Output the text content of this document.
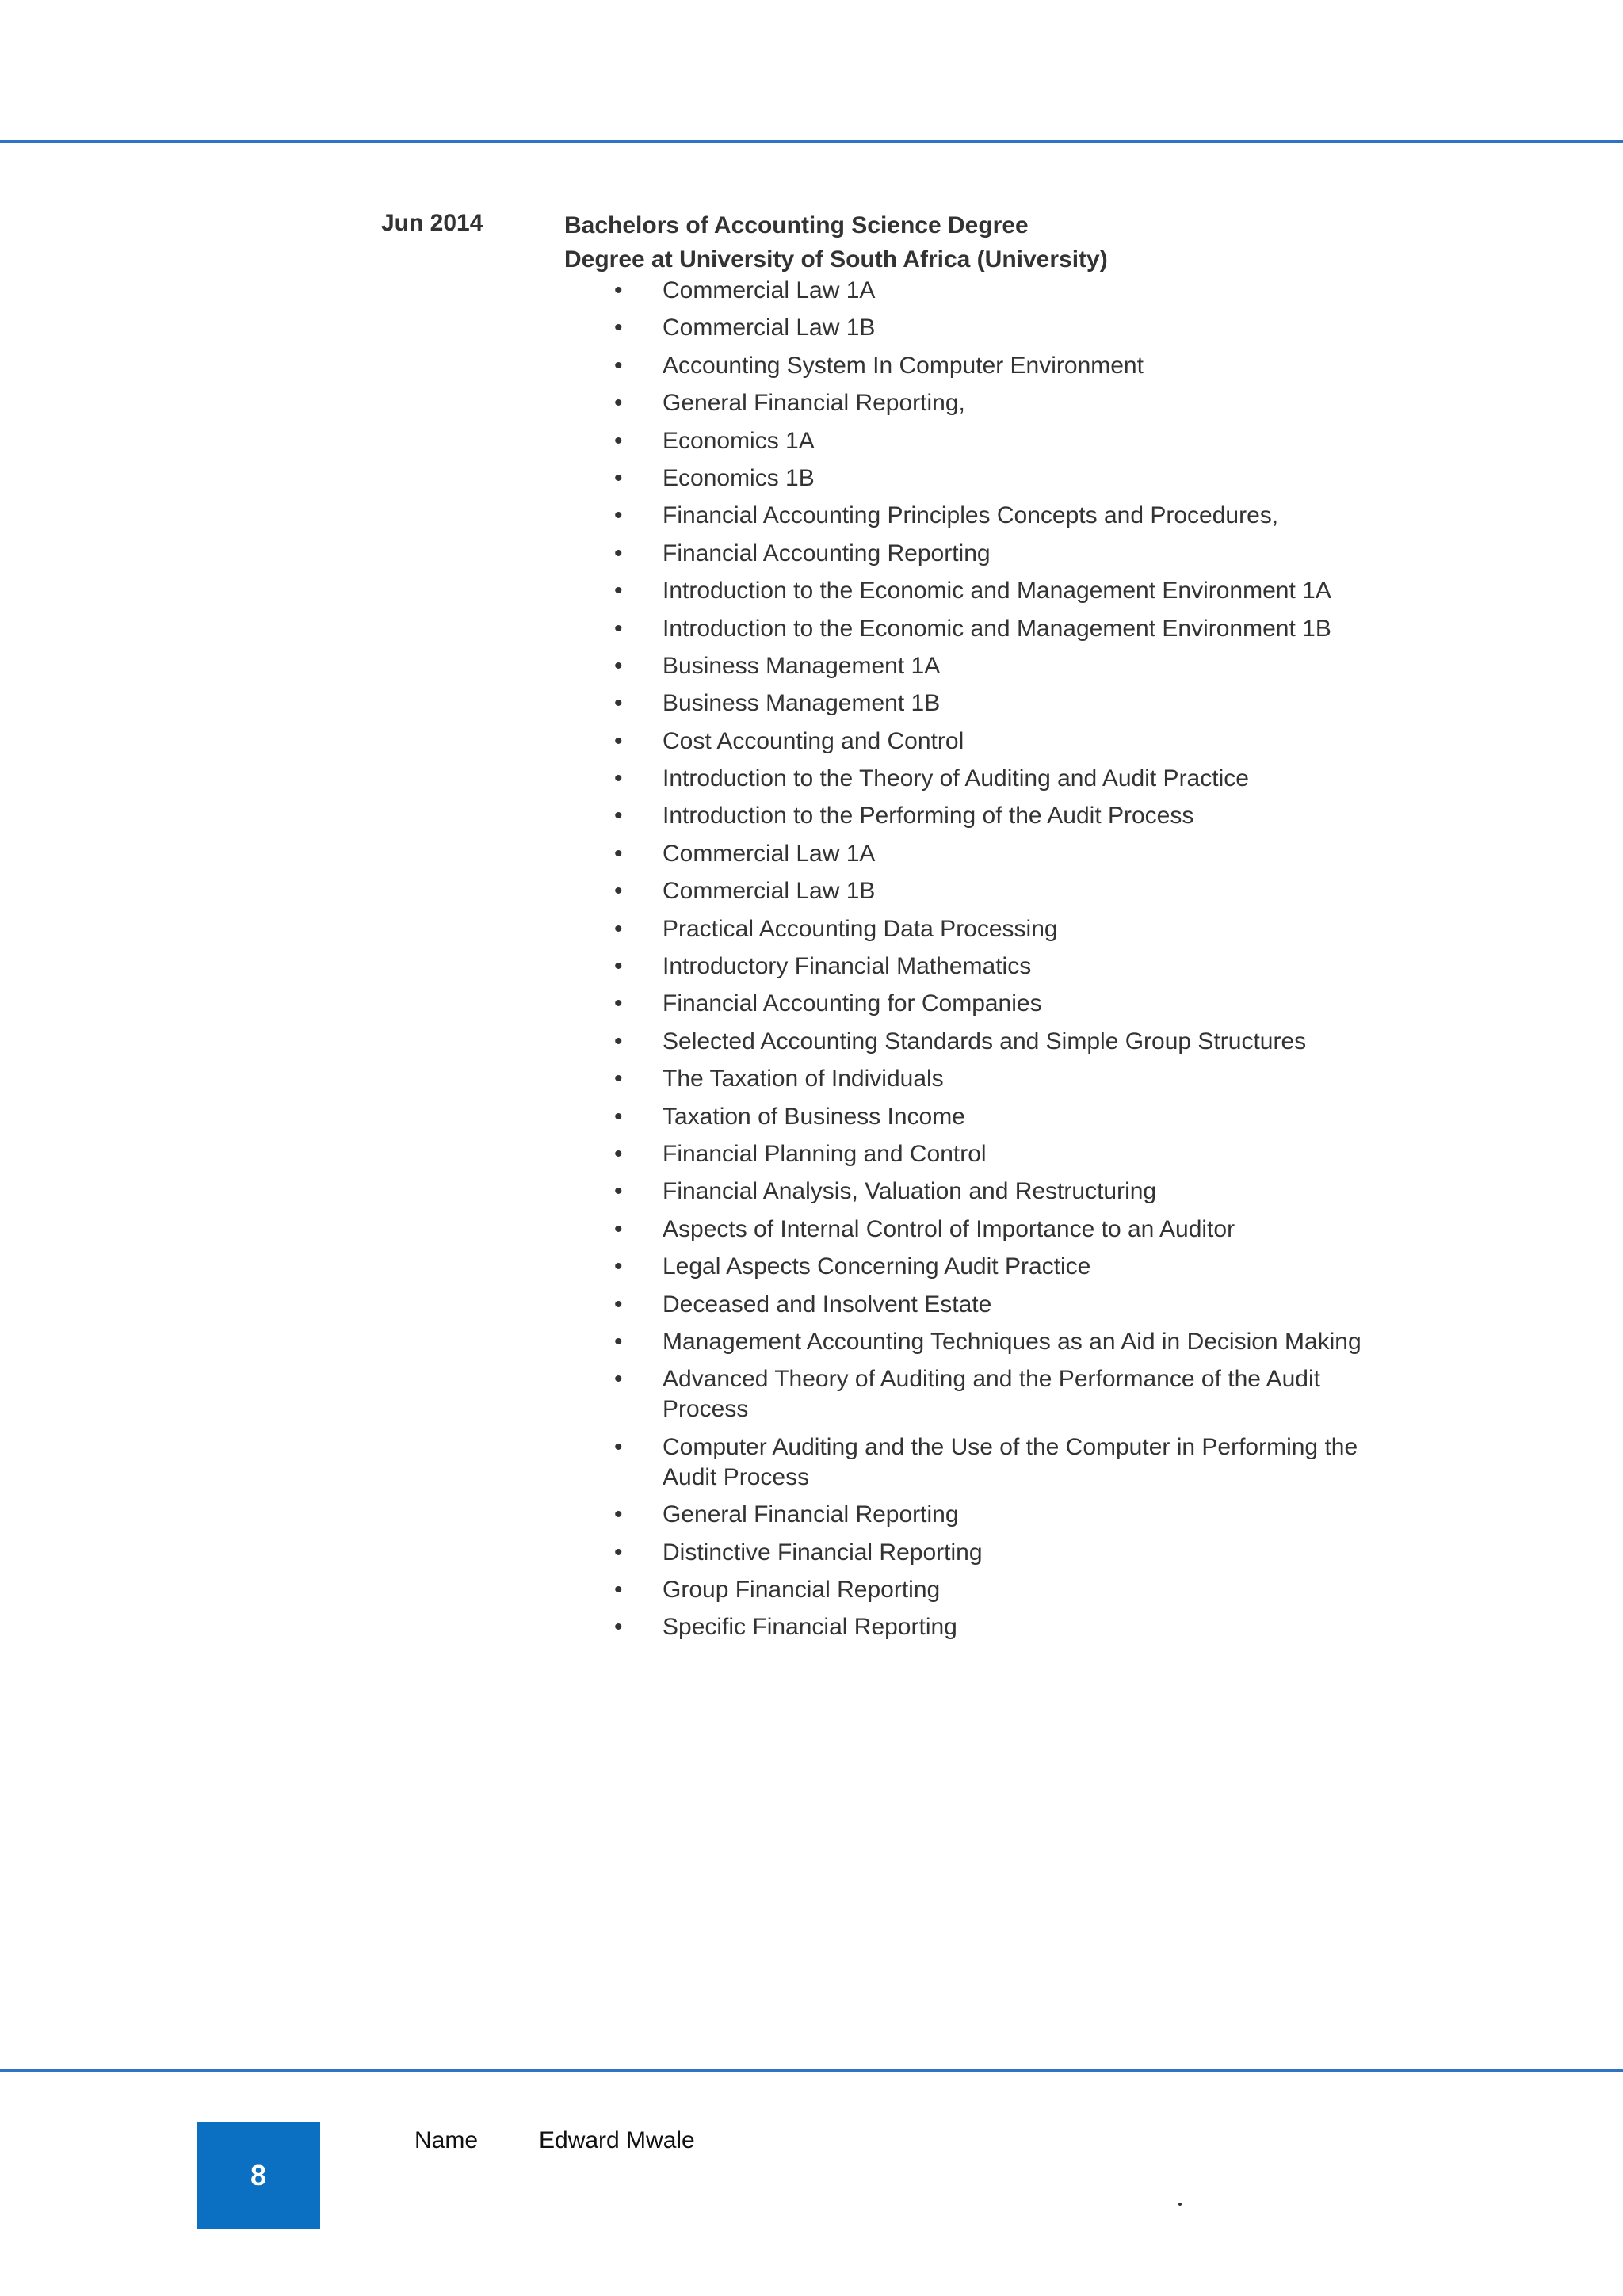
Jun 2014	Bachelors of Accounting Science Degree
Degree at University of South Africa (University)
• Commercial Law 1A
• Commercial Law 1B
• Accounting System In Computer Environment
• General Financial Reporting,
• Economics 1A
• Economics 1B
• Financial Accounting Principles Concepts and Procedures,
• Financial Accounting Reporting
• Introduction to the Economic and Management Environment 1A
• Introduction to the Economic and Management Environment 1B
• Business Management 1A
• Business Management 1B
• Cost Accounting and Control
• Introduction to the Theory of Auditing and Audit Practice
• Introduction to the Performing of the Audit Process
• Commercial Law 1A
• Commercial Law 1B
• Practical Accounting Data Processing
• Introductory Financial Mathematics
• Financial Accounting for Companies
• Selected Accounting Standards and Simple Group Structures
• The Taxation of Individuals
• Taxation of Business Income
• Financial Planning and Control
• Financial Analysis, Valuation and Restructuring
• Aspects of Internal Control of Importance to an Auditor
• Legal Aspects Concerning Audit Practice
• Deceased and Insolvent Estate
• Management Accounting Techniques as an Aid in Decision Making
• Advanced Theory of Auditing and the Performance of the Audit Process
• Computer Auditing and the Use of the Computer in Performing the Audit Process
• General Financial Reporting
• Distinctive Financial Reporting
• Group Financial Reporting
• Specific Financial Reporting
8
Name	Edward Mwale
